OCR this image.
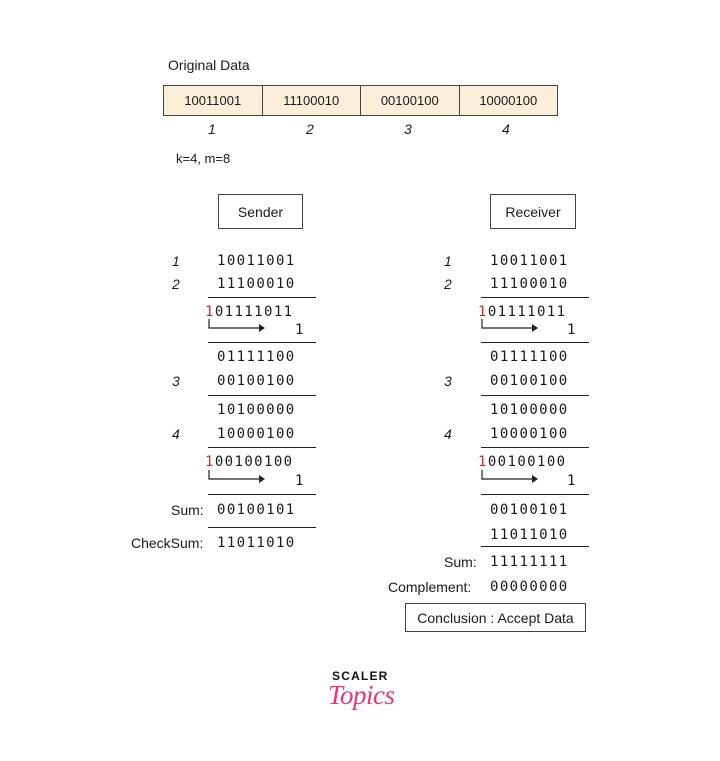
Original Data
10011001	11100010	00100100	10000100
1	2	3	4
k=4, m=8
Sender
1	10011001
2	11100010
101111011
1
01111100
3	00100100
10100000
4	10000100
100100100
1
Sum: 00100101
CheckSum: 11011010
Receiver
1	10011001
2	11100010
101111011
1
01111100
3	00100100
10100000
4	10000100
100100100
1
00100101
11011010
Sum: 11111111
Complement: 00000000
Conclusion : Accept Data
SCALER
Topics
